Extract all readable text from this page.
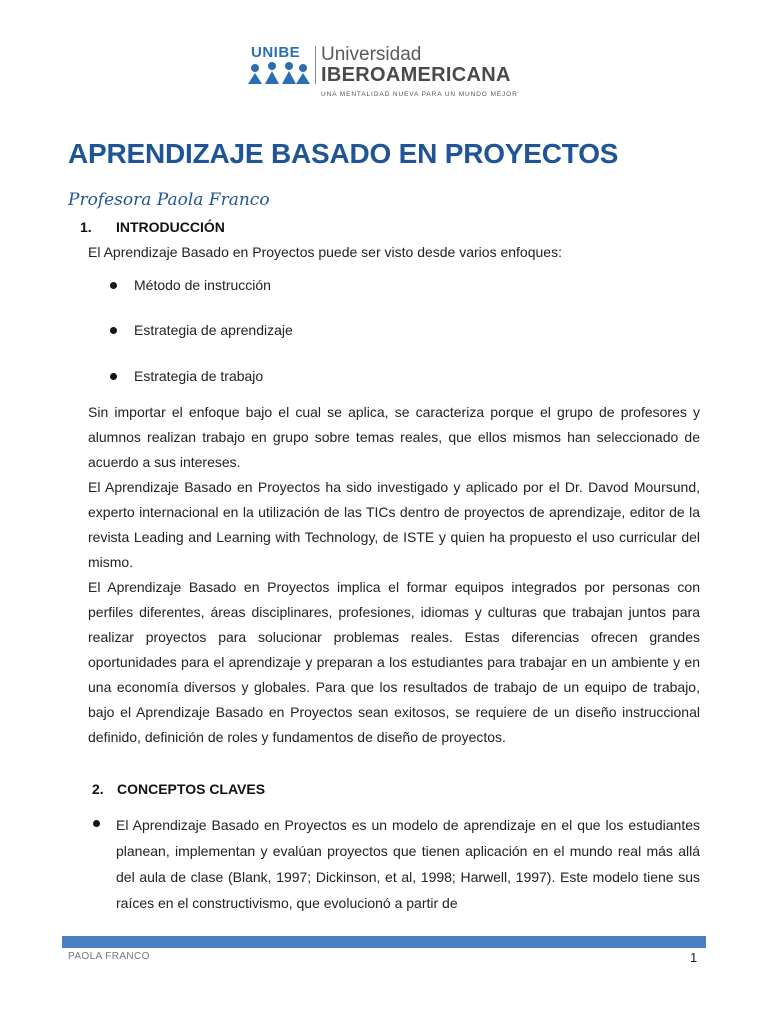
UNIBE Universidad
IBEROAMERICANA
UNA MENTALIDAD NUEVA PARA UN MUNDO MEJOR
APRENDIZAJE BASADO EN PROYECTOS

Profesora Paola Franco

1. INTRODUCCIÓN

El Aprendizaje Basado en Proyectos puede ser visto desde varios enfoques:

Método de instrucción
Estrategia de aprendizaje
Estrategia de trabajo

Sin importar el enfoque bajo el cual se aplica, se caracteriza porque el grupo de profesores y alumnos realizan trabajo en grupo sobre temas reales, que ellos mismos han seleccionado de acuerdo a sus intereses.

El Aprendizaje Basado en Proyectos ha sido investigado y aplicado por el Dr. Davod Moursund, experto internacional en la utilización de las TICs dentro de proyectos de aprendizaje, editor de la revista Leading and Learning with Technology, de ISTE y quien ha propuesto el uso curricular del mismo.

El Aprendizaje Basado en Proyectos implica el formar equipos integrados por personas con perfiles diferentes, áreas disciplinares, profesiones, idiomas y culturas que trabajan juntos para realizar proyectos para solucionar problemas reales. Estas diferencias ofrecen grandes oportunidades para el aprendizaje y preparan a los estudiantes para trabajar en un ambiente y en una economía diversos y globales. Para que los resultados de trabajo de un equipo de trabajo, bajo el Aprendizaje Basado en Proyectos sean exitosos, se requiere de un diseño instruccional definido, definición de roles y fundamentos de diseño de proyectos.

2. CONCEPTOS CLAVES

El Aprendizaje Basado en Proyectos es un modelo de aprendizaje en el que los estudiantes planean, implementan y evalúan proyectos que tienen aplicación en el mundo real más allá del aula de clase (Blank, 1997; Dickinson, et al, 1998; Harwell, 1997). Este modelo tiene sus raíces en el constructivismo, que evolucionó a partir de

PAOLA FRANCO	1
